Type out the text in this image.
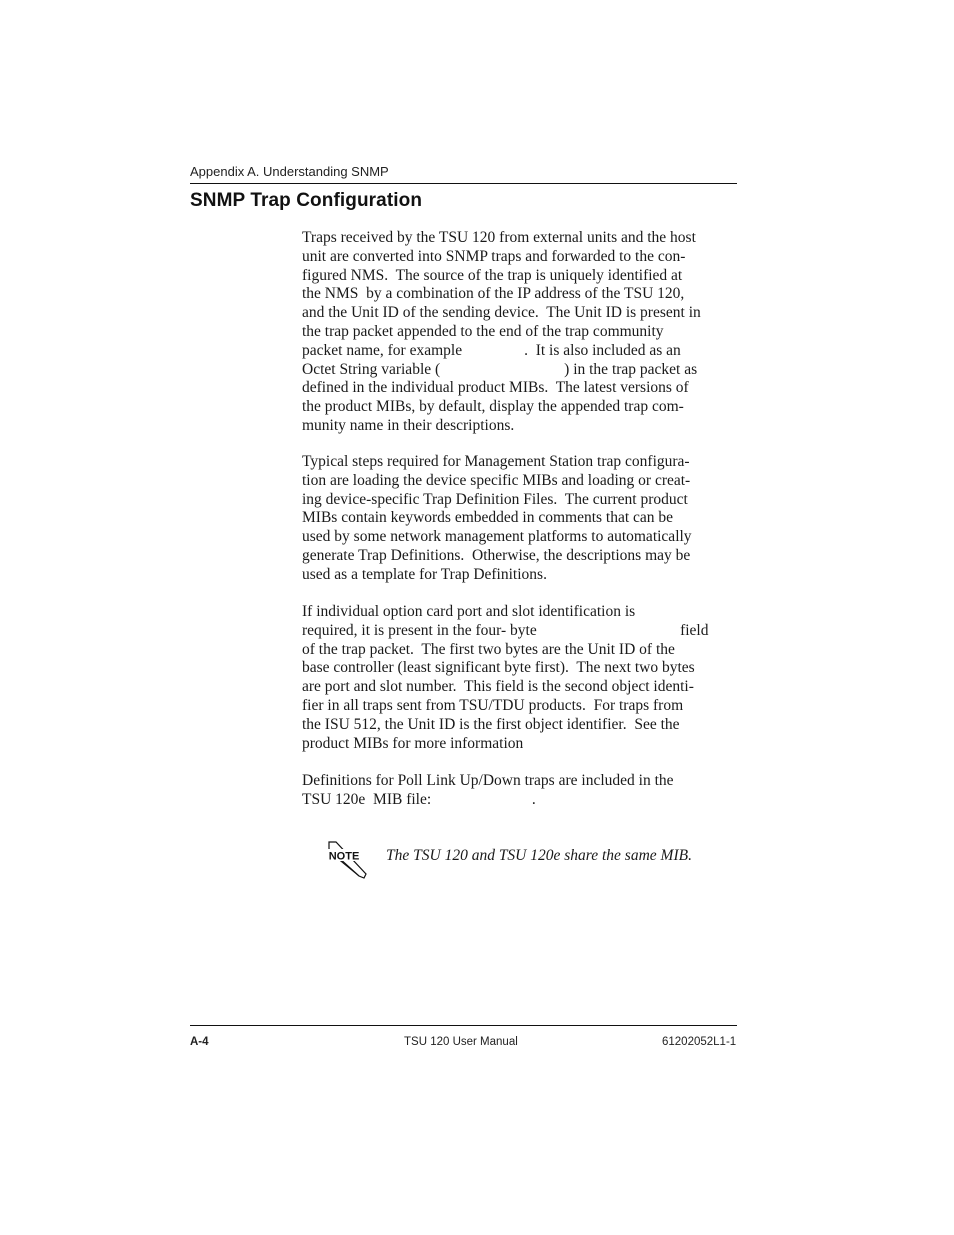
Appendix A. Understanding SNMP
SNMP Trap Configuration
Traps received by the TSU 120 from external units and the host
unit are converted into SNMP traps and forwarded to the con-
figured NMS.  The source of the trap is uniquely identified at
the NMS  by a combination of the IP address of the TSU 120,
and the Unit ID of the sending device.  The Unit ID is present in
the trap packet appended to the end of the trap community
packet name, for example                .  It is also included as an
Octet String variable (                                ) in the trap packet as
defined in the individual product MIBs.  The latest versions of
the product MIBs, by default, display the appended trap com-
munity name in their descriptions.
Typical steps required for Management Station trap configura-
tion are loading the device specific MIBs and loading or creat-
ing device-specific Trap Definition Files.  The current product
MIBs contain keywords embedded in comments that can be
used by some network management platforms to automatically
generate Trap Definitions.  Otherwise, the descriptions may be
used as a template for Trap Definitions.
If individual option card port and slot identification is
required, it is present in the four- byte                                     field
of the trap packet.  The first two bytes are the Unit ID of the
base controller (least significant byte first).  The next two bytes
are port and slot number.  This field is the second object identi-
fier in all traps sent from TSU/TDU products.  For traps from
the ISU 512, the Unit ID is the first object identifier.  See the
product MIBs for more information
Definitions for Poll Link Up/Down traps are included in the
TSU 120e  MIB file:                          .
NOTE The TSU 120 and TSU 120e share the same MIB.
A-4	TSU 120 User Manual	61202052L1-1
